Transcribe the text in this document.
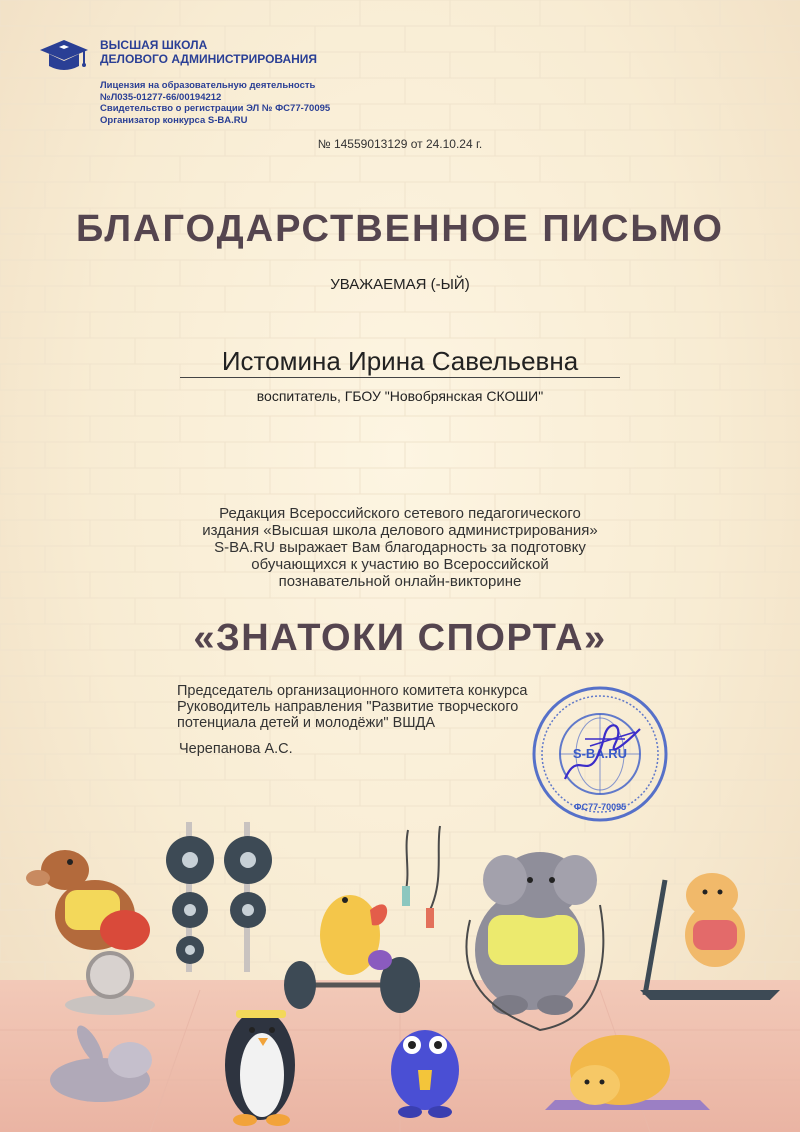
ВЫСШАЯ ШКОЛА
ДЕЛОВОГО АДМИНИСТРИРОВАНИЯ
Лицензия на образовательную деятельность
№Л035-01277-66/00194212
Свидетельство о регистрации ЭЛ № ФС77-70095
Организатор конкурса S-BA.RU
№ 14559013129 от 24.10.24 г.
БЛАГОДАРСТВЕННОЕ ПИСЬМО
УВАЖАЕМАЯ (-ЫЙ)
Истомина Ирина Савельевна
воспитатель, ГБОУ "Новобрянская СКОШИ"
Редакция Всероссийского сетевого педагогического
издания «Высшая школа делового администрирования»
S-BA.RU выражает Вам благодарность за подготовку
обучающихся к участию во Всероссийской
познавательной онлайн-викторине
«ЗНАТОКИ СПОРТА»
Председатель организационного комитета конкурса
Руководитель направления "Развитие творческого
потенциала детей и молодёжи" ВШДА
Черепанова А.С.	S-BA.RU
ФС77-70095
